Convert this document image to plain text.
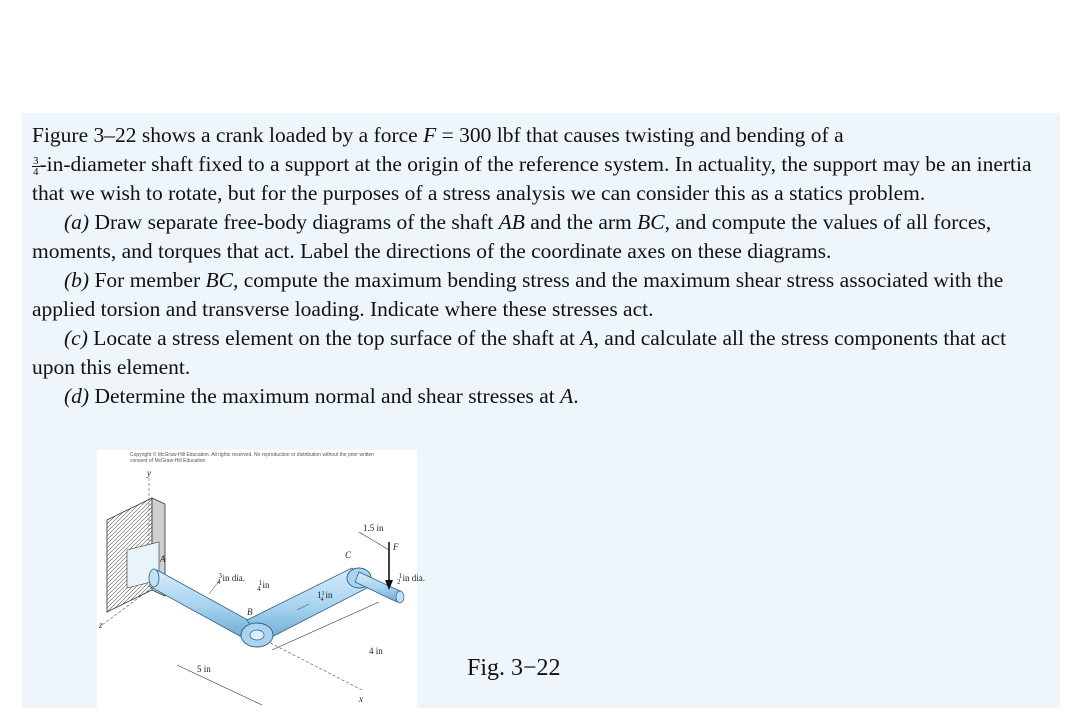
Figure 3–22 shows a crank loaded by a force F = 300 lbf that causes twisting and bending of a

$\frac{3}{4}$ -in-diameter shaft fixed to a support at the origin of the reference system. In actuality, the support may be an inertia that we wish to rotate, but for the purposes of a stress analysis we can consider this as a statics problem.

(a) Draw separate free-body diagrams of the shaft AB and the arm BC, and compute the values of all forces, moments, and torques that act. Label the directions of the coordinate axes on these diagrams.

(b) For member BC, compute the maximum bending stress and the maximum shear stress associated with the applied torsion and transverse loading. Indicate where these stresses act.

(c) Locate a stress element on the top surface of the shaft at A, and calculate all the stress components that act upon this element.

(d) Determine the maximum normal and shear stresses at A.

y
z
x
F
1.5 in
A
B
C
3 4 in dia. 1 4 in
$1^1$ 4 in
1 2 in dia.
4 in
5 in
Copyright © McGraw-Hill Education. All rights reserved. No reproduction or distribution without the prior written consent of McGraw-Hill Education.
Fig. 3−22
